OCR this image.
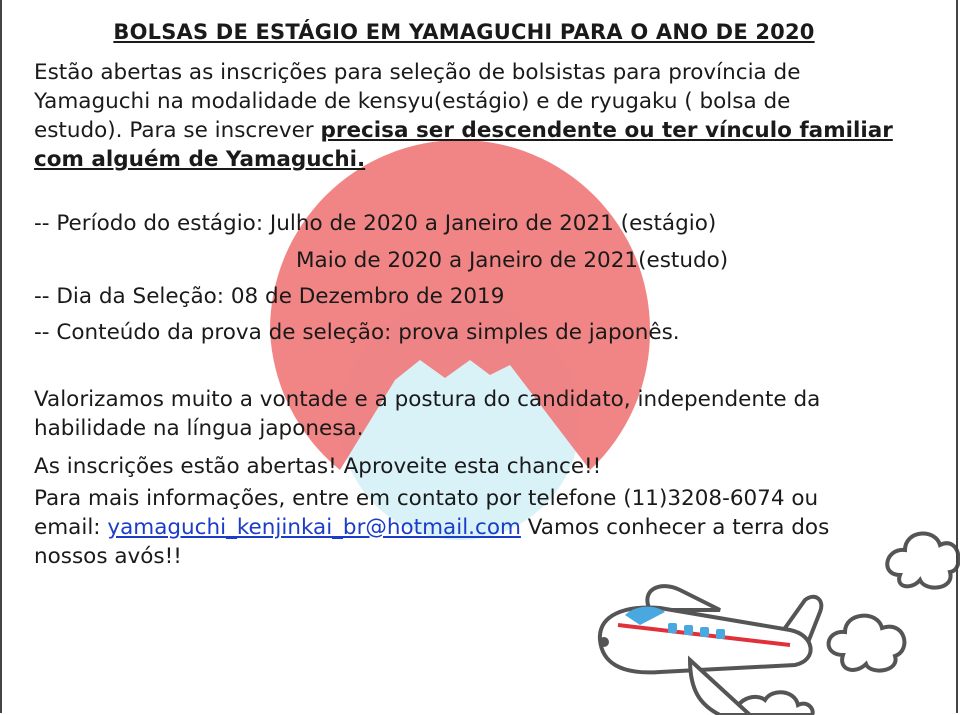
BOLSAS DE ESTÁGIO EM YAMAGUCHI PARA O ANO DE 2020
Estão abertas as inscrições para seleção de bolsistas para província de
Yamaguchi na modalidade de kensyu(estágio) e de ryugaku ( bolsa de
estudo). Para se inscrever precisa ser descendente ou ter vínculo familiar
com alguém de Yamaguchi.
-- Período do estágio: Julho de 2020 a Janeiro de 2021 (estágio)
Maio de 2020 a Janeiro de 2021(estudo)
-- Dia da Seleção: 08 de Dezembro de 2019
-- Conteúdo da prova de seleção: prova simples de japonês.
Valorizamos muito a vontade e a postura do candidato, independente da
habilidade na língua japonesa.
As inscrições estão abertas! Aproveite esta chance!!
Para mais informações, entre em contato por telefone (11)3208-6074 ou
email: yamaguchi_kenjinkai_br@hotmail.com Vamos conhecer a terra dos
nossos avós!!
